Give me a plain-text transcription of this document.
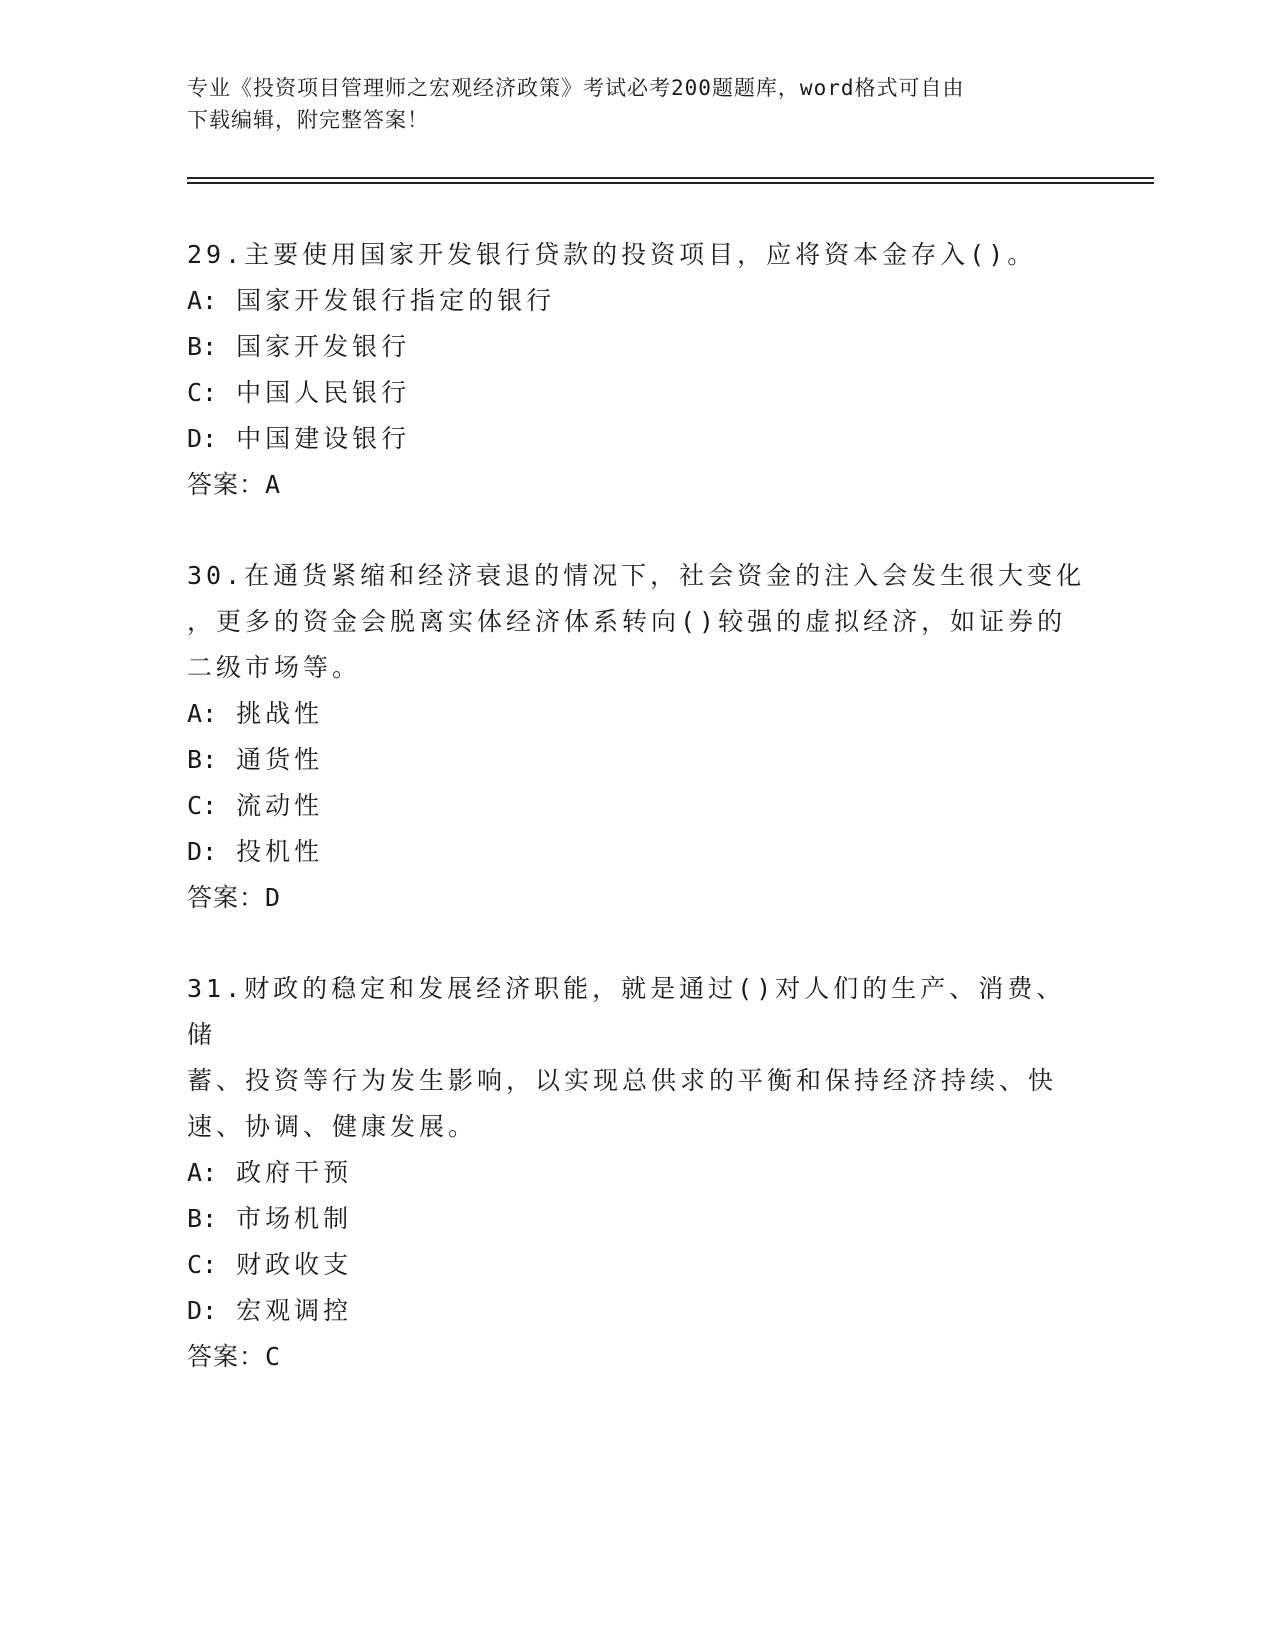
专业《投资项目管理师之宏观经济政策》考试必考200题题库，word格式可自由
下载编辑，附完整答案！

29.主要使用国家开发银行贷款的投资项目，应将资本金存入()。

A: 国家开发银行指定的银行

B: 国家开发银行

C: 中国人民银行

D: 中国建设银行

答案：A

30.在通货紧缩和经济衰退的情况下，社会资金的注入会发生很大变化
，更多的资金会脱离实体经济体系转向()较强的虚拟经济，如证券的
二级市场等。

A: 挑战性

B: 通货性

C: 流动性

D: 投机性

答案：D

31.财政的稳定和发展经济职能，就是通过()对人们的生产、消费、储
蓄、投资等行为发生影响，以实现总供求的平衡和保持经济持续、快
速、协调、健康发展。

A: 政府干预

B: 市场机制

C: 财政收支

D: 宏观调控

答案：C
